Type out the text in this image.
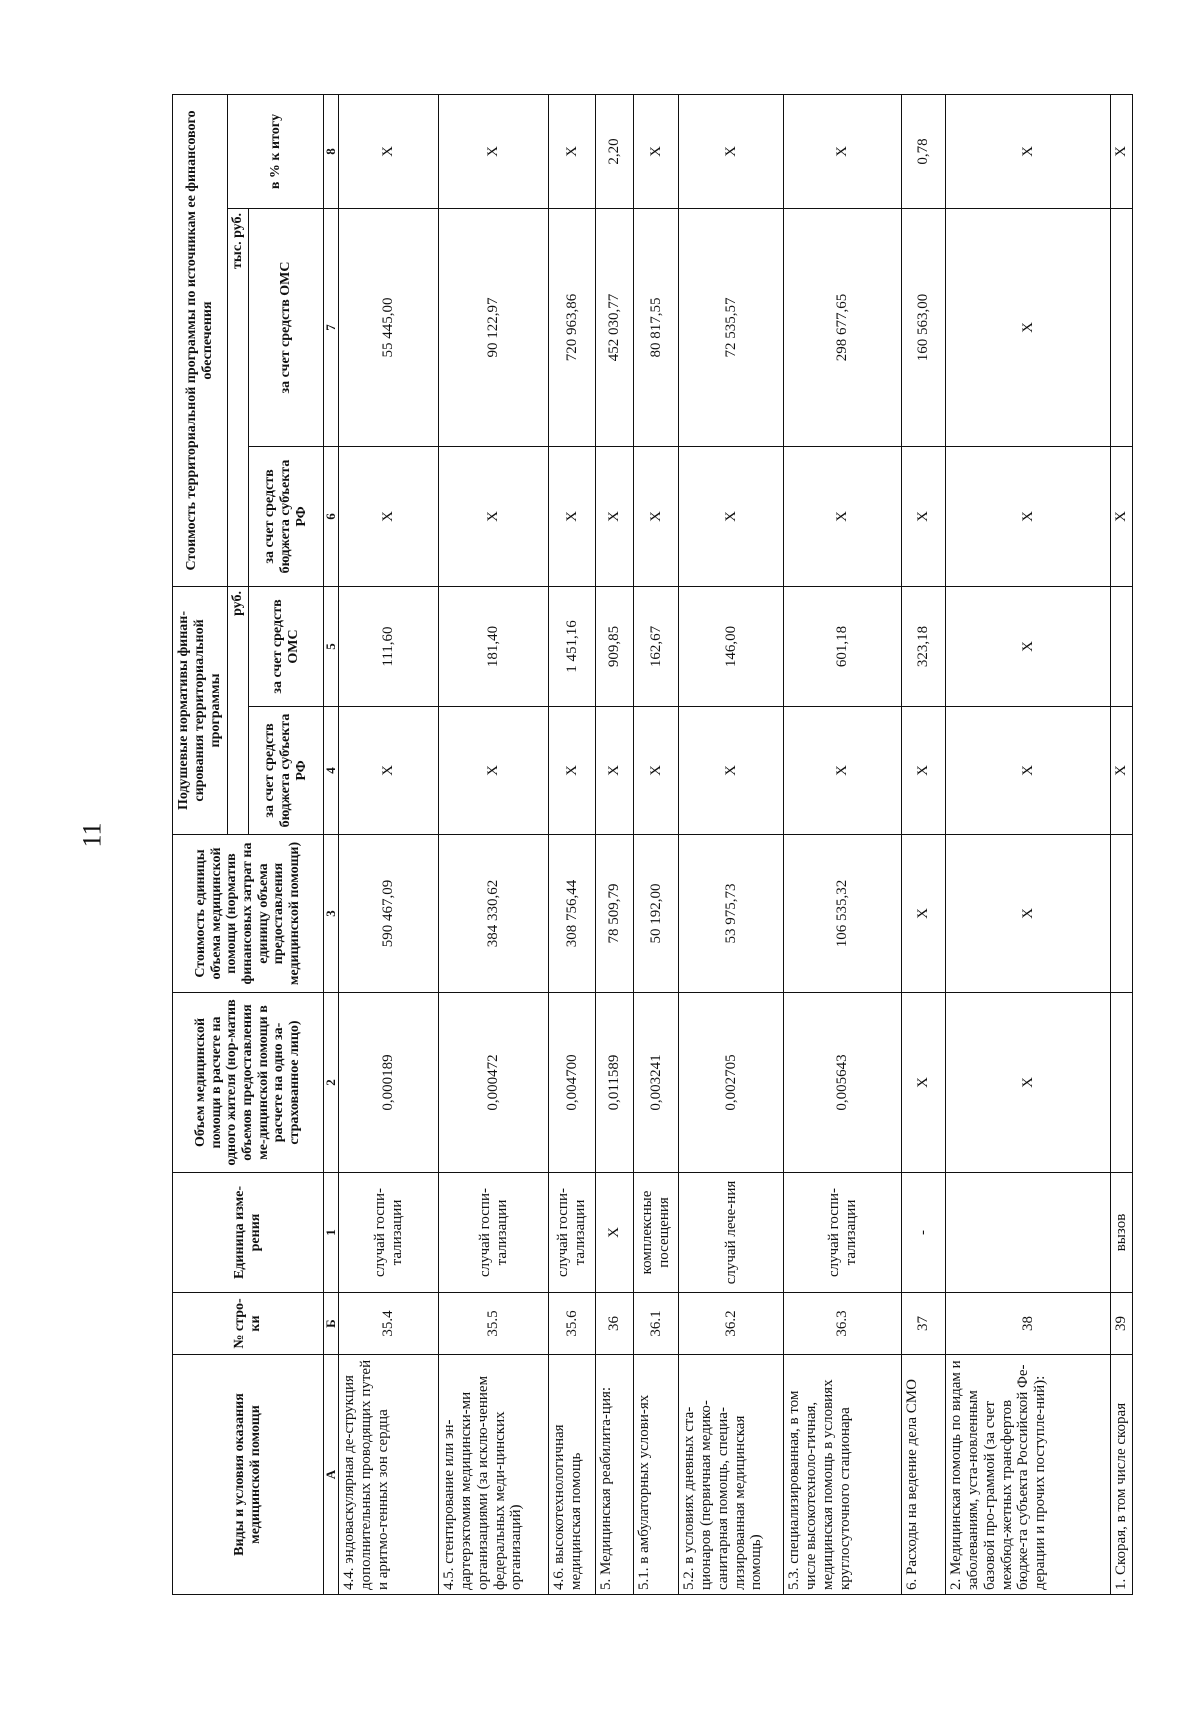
11
Виды и условия оказания медицинской помощи	№ стро-ки	Единица изме-рения	Объем медицинской помощи в расчете на одного жителя (нор-матив объемов предоставления ме-дицинской помощи в расчете на одно за-страхованное лицо)	Стоимость единицы объема медицинской помощи (норматив финансовых затрат на единицу объема предоставления медицинской помощи)	Подушевые нормативы финан-сирования территориальной программы		Стоимость территориальной программы по источникам ее финансового обеспечения		
					руб.		тыс. руб.		в % к итогу
					за счет средств бюджета субъекта РФ	за счет средств ОМС	за счет средств бюджета субъекта РФ	за счет средств ОМС	
А	Б	1	2	3	4	5	6	7	8
4.4. эндоваскулярная де-струкция дополнительных проводящих путей и аритмо-генных зон сердца	35.4	случай госпи-тализации	0,000189	590 467,09	Х	111,60	Х	55 445,00	Х
4.5. стентирование или эн-дартерэктомия медицински-ми организациями (за исклю-чением федеральных меди-цинских организаций)	35.5	случай госпи-тализации	0,000472	384 330,62	Х	181,40	Х	90 122,97	Х
4.6. высокотехнологичная медицинская помощь	35.6	случай госпи-тализации	0,004700	308 756,44	Х	1 451,16	Х	720 963,86	Х
5. Медицинская реабилита-ция:	36	Х	0,011589	78 509,79	Х	909,85	Х	452 030,77	2,20
5.1. в амбулаторных услови-ях	36.1	комплексные посещения	0,003241	50 192,00	Х	162,67	Х	80 817,55	Х
5.2. в условиях дневных ста-ционаров (первичная медико-санитарная помощь, специа-лизированная медицинская помощь)	36.2	случай лече-ния	0,002705	53 975,73	Х	146,00	Х	72 535,57	Х
5.3. специализированная, в том числе высокотехноло-гичная, медицинская помощь в условиях круглосуточного стационара	36.3	случай госпи-тализации	0,005643	106 535,32	Х	601,18	Х	298 677,65	Х
6. Расходы на ведение дела СМО	37	-	Х	Х	Х	323,18	Х	160 563,00	0,78
2. Медицинская помощь по видам и заболеваниям, уста-новленным базовой про-граммой (за счет межбюд-жетных трансфертов бюдже-та субъекта Российской Фе-дерации и прочих поступле-ний):	38		Х	Х	Х	Х	Х	Х	Х
1. Скорая, в том числе скорая	39	вызов			Х		Х		Х
